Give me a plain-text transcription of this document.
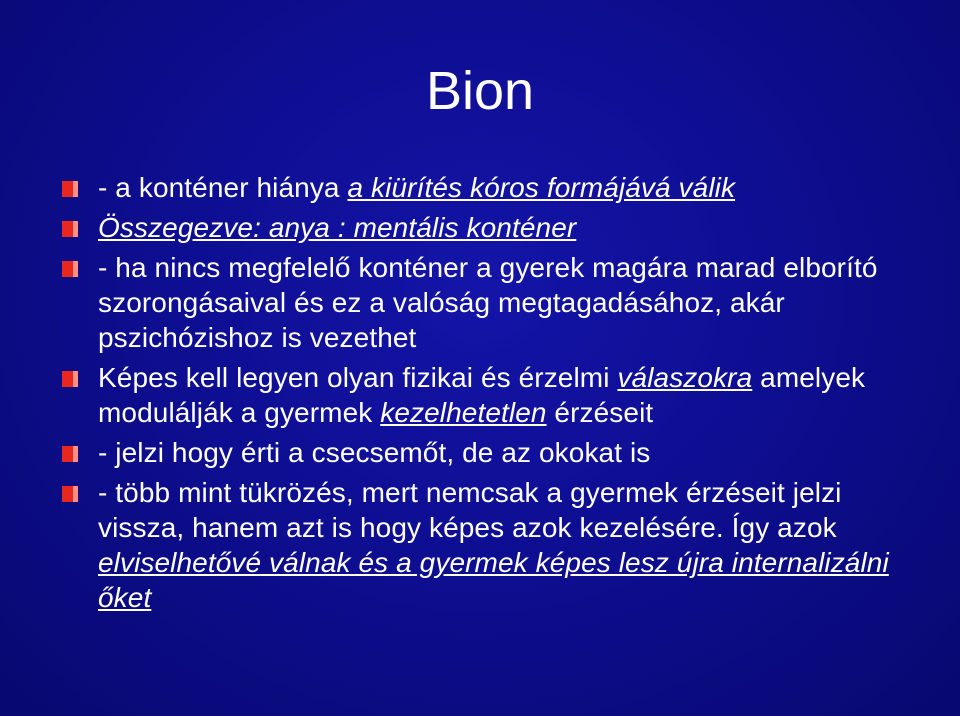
Bion
- a konténer hiánya a kiürítés kóros formájává válik
Összegezve: anya : mentális konténer
- ha nincs megfelelő konténer a gyerek magára marad elborító szorongásaival és ez a valóság megtagadásához, akár pszichózishoz is vezethet
Képes kell legyen olyan fizikai és érzelmi válaszokra amelyek modulálják a gyermek kezelhetetlen érzéseit
- jelzi hogy érti a csecsemőt, de az okokat is
- több mint tükrözés, mert nemcsak a gyermek érzéseit jelzi vissza, hanem azt is hogy képes azok kezelésére. Így azok elviselhetővé válnak és a gyermek képes lesz újra internalizálni őket
